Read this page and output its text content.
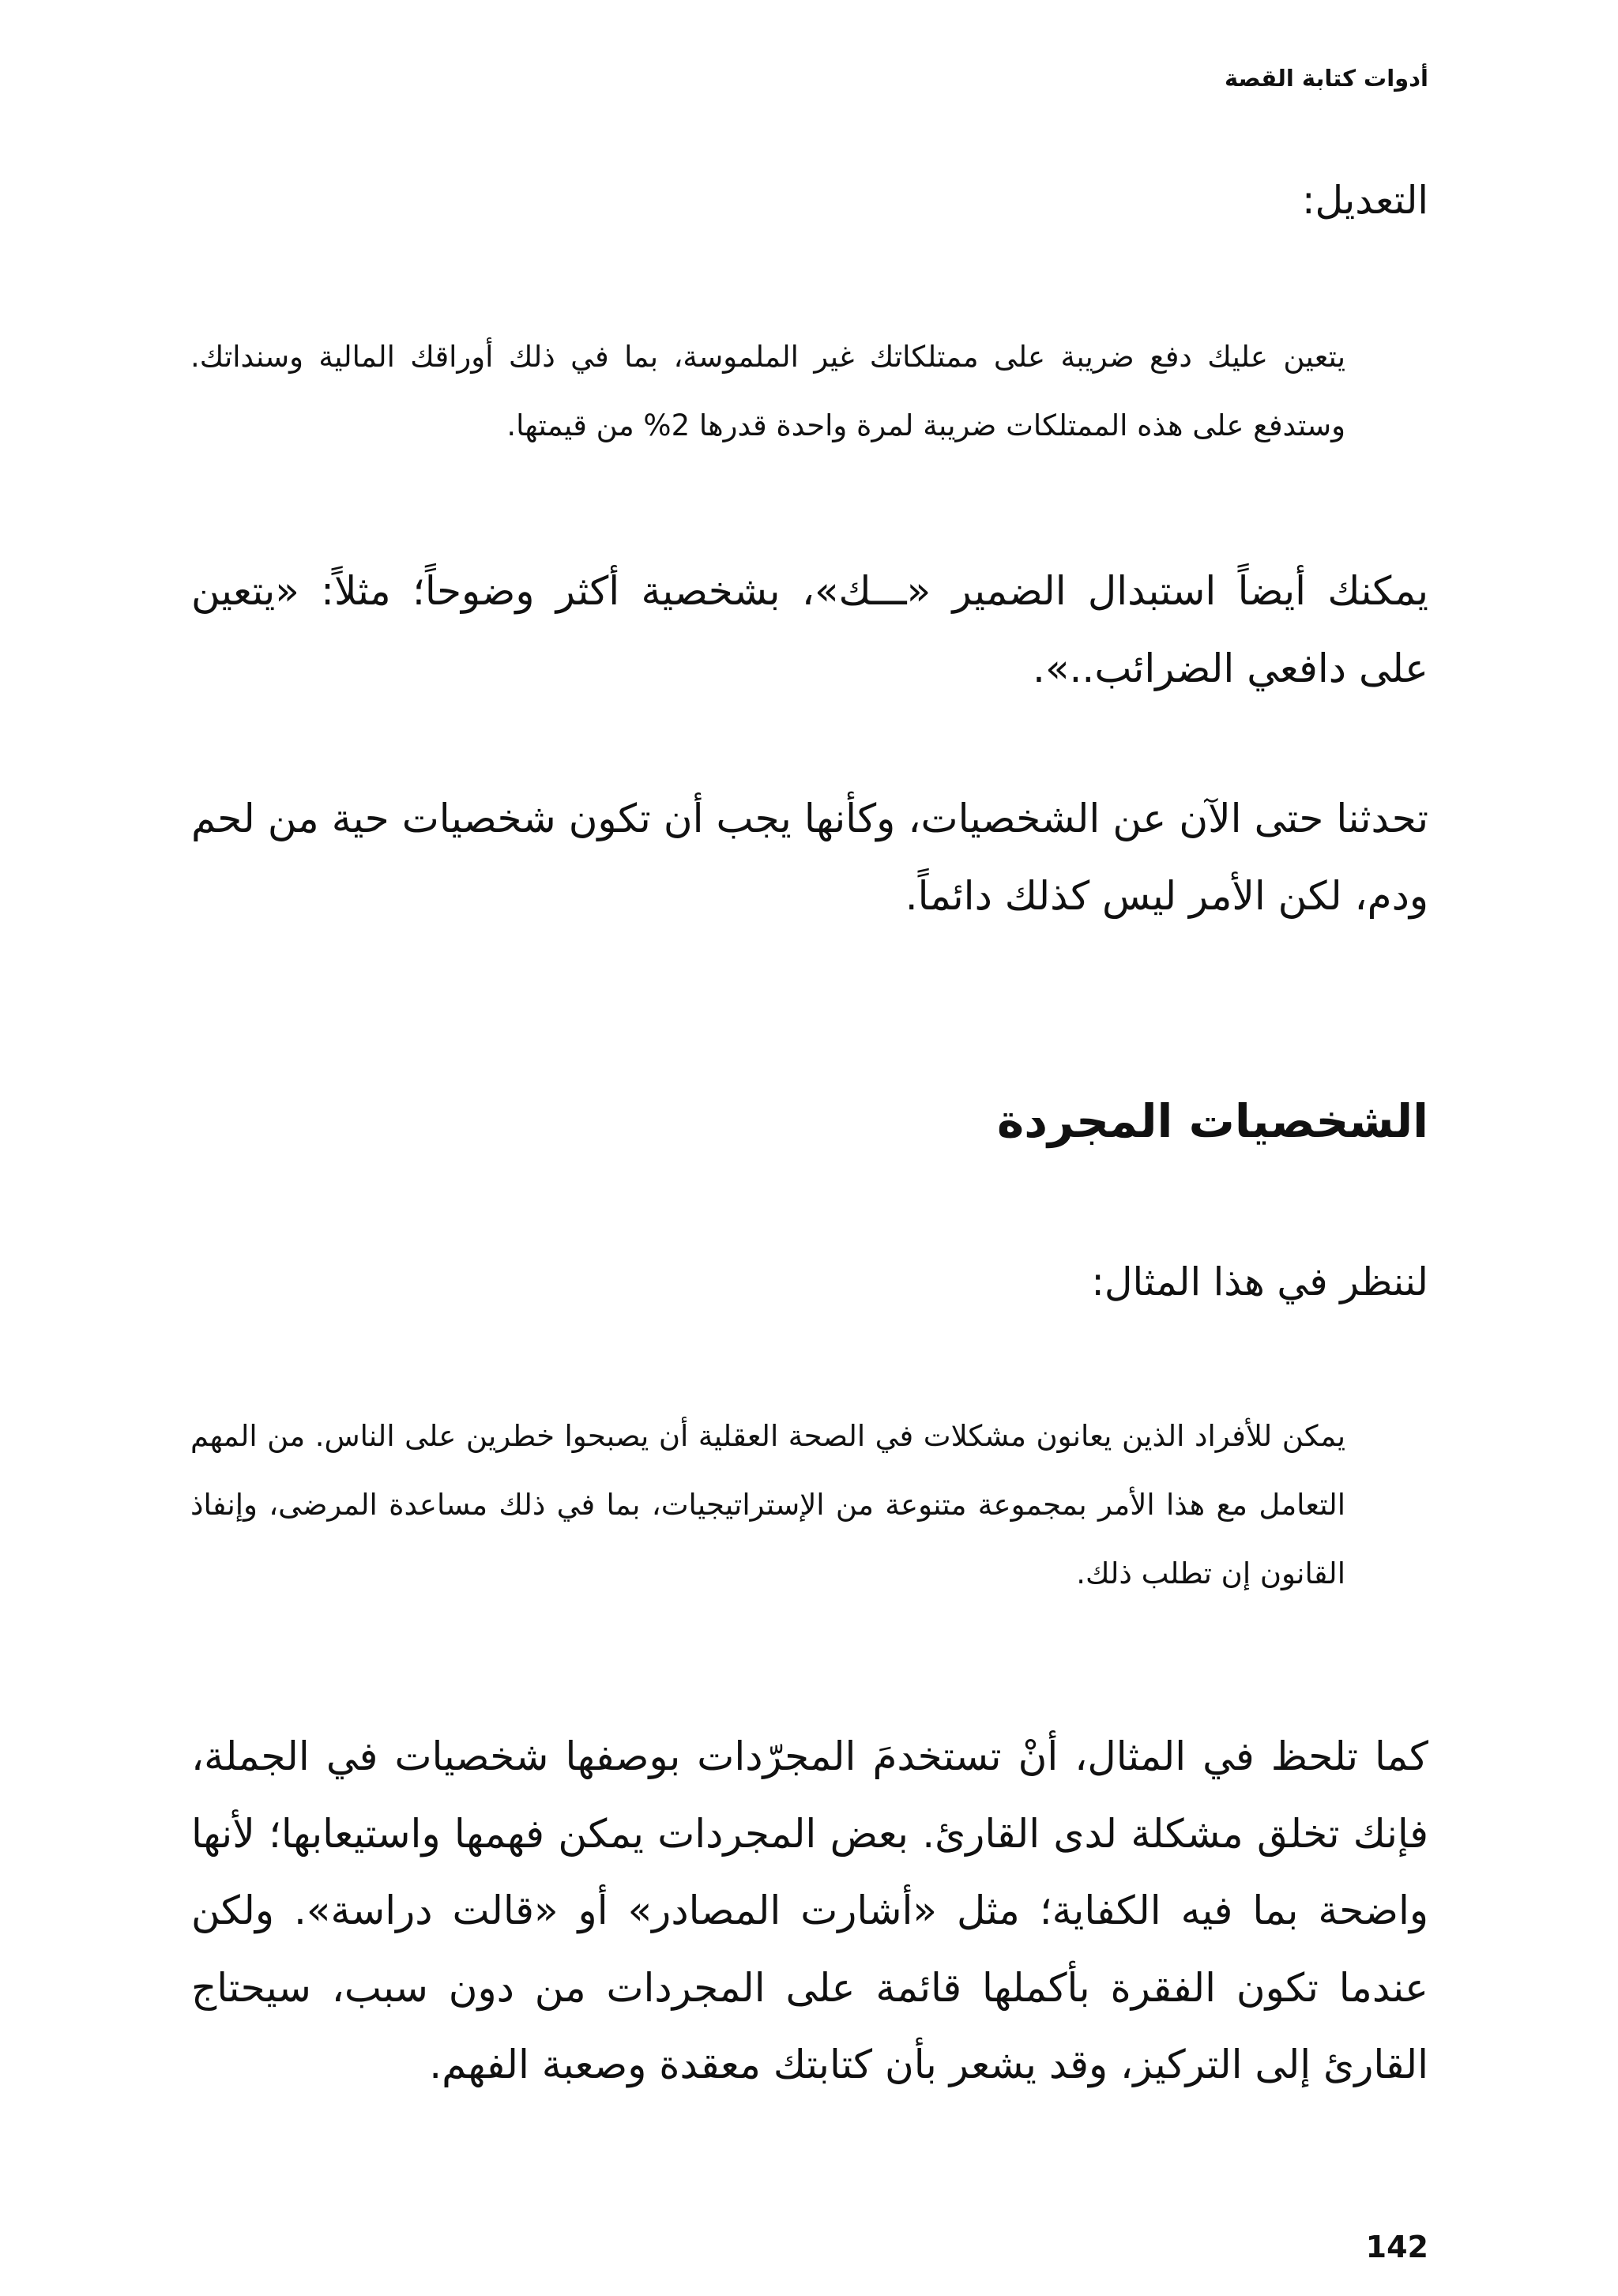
أدوات كتابة القصة
التعديل:
يتعين عليك دفع ضريبة على ممتلكاتك غير الملموسة، بما في ذلك أوراقك المالية وسنداتك. وستدفع على هذه الممتلكات ضريبة لمرة واحدة قدرها 2% من قيمتها.
يمكنك أيضاً استبدال الضمير «ـــك»، بشخصية أكثر وضوحاً؛ مثلاً: «يتعين على دافعي الضرائب..».
تحدثنا حتى الآن عن الشخصيات، وكأنها يجب أن تكون شخصيات حية من لحم ودم، لكن الأمر ليس كذلك دائماً.
الشخصيات المجردة
لننظر في هذا المثال:
يمكن للأفراد الذين يعانون مشكلات في الصحة العقلية أن يصبحوا خطرين على الناس. من المهم التعامل مع هذا الأمر بمجموعة متنوعة من الإستراتيجيات، بما في ذلك مساعدة المرضى، وإنفاذ القانون إن تطلب ذلك.
كما تلحظ في المثال، أنْ تستخدمَ المجرّدات بوصفها شخصيات في الجملة، فإنك تخلق مشكلة لدى القارئ. بعض المجردات يمكن فهمها واستيعابها؛ لأنها واضحة بما فيه الكفاية؛ مثل «أشارت المصادر» أو «قالت دراسة». ولكن عندما تكون الفقرة بأكملها قائمة على المجردات من دون سبب، سيحتاج القارئ إلى التركيز، وقد يشعر بأن كتابتك معقدة وصعبة الفهم.
142
